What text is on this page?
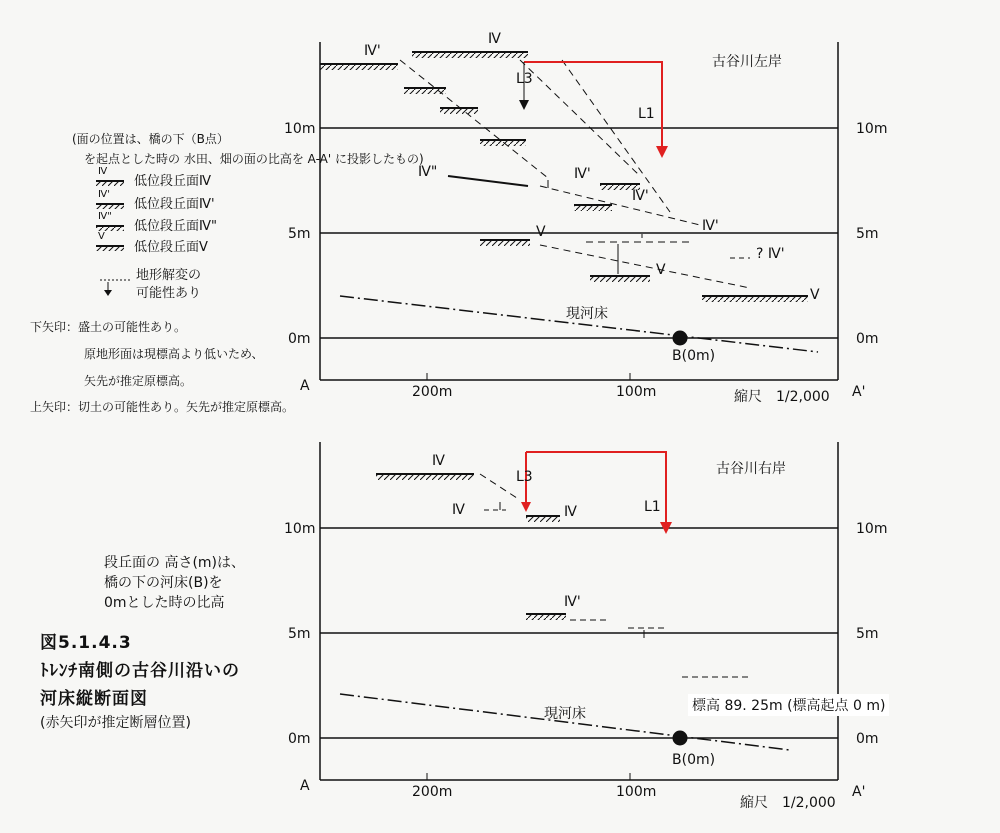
古谷川左岸
10m
10m
5m
5m
0m
0m
A	A'
200m	100m	縮尺　1/2,000
現河床
B(0m)
L3
L1
Ⅳ'
Ⅳ
Ⅳ"	Ⅳ'
Ⅳ'
Ⅴ	Ⅳ'
Ⅴ
Ⅴ
? Ⅳ'
古谷川右岸
10m
10m
5m
5m
0m
0m
A	A'
200m	100m
縮尺　1/2,000
現河床
B(0m)
L3
L1
Ⅳ
Ⅳ	Ⅳ
Ⅳ'
標高 89. 25m (標高起点 0 m)
(面の位置は、橋の下（B点）
を起点とした時の 水田、畑の面の比高を A-A' に投影したもの)
低位段丘面Ⅳ
低位段丘面Ⅳ'
低位段丘面Ⅳ"
低位段丘面Ⅴ
Ⅳ
Ⅳ'
Ⅳ"
Ⅴ
地形解変の
可能性あり
下矢印：盛土の可能性あり。
原地形面は現標高より低いため、
矢先が推定原標高。
上矢印：切土の可能性あり。矢先が推定原標高。
段丘面の 高さ(m)は、
橋の下の河床(B)を
0mとした時の比高
図5.1.4.3
ﾄﾚﾝﾁ南側の古谷川沿いの
河床縦断面図
(赤矢印が推定断層位置)
